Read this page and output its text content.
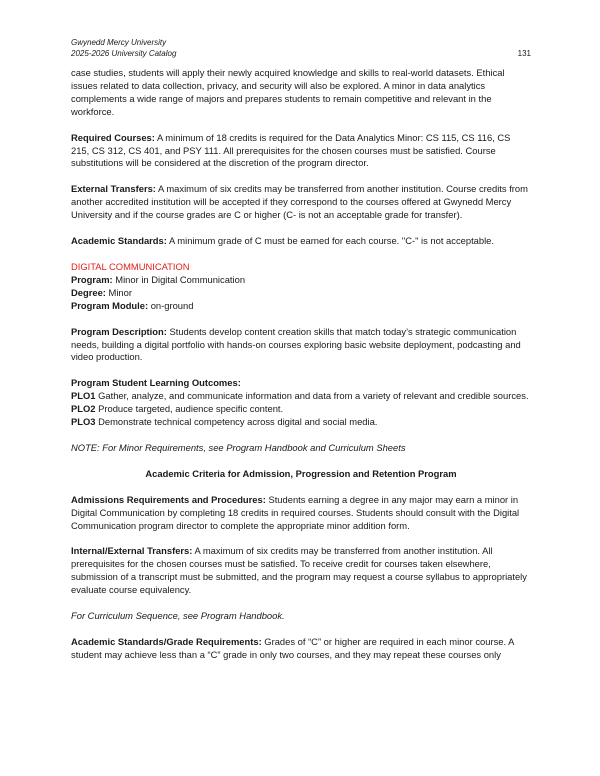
Gwynedd Mercy University
2025-2026 University Catalog	131

case studies, students will apply their newly acquired knowledge and skills to real-world datasets. Ethical issues related to data collection, privacy, and security will also be explored. A minor in data analytics complements a wide range of majors and prepares students to remain competitive and relevant in the workforce.

Required Courses: A minimum of 18 credits is required for the Data Analytics Minor: CS 115, CS 116, CS 215, CS 312, CS 401, and PSY 111. All prerequisites for the chosen courses must be satisfied. Course substitutions will be considered at the discretion of the program director.

External Transfers: A maximum of six credits may be transferred from another institution. Course credits from another accredited institution will be accepted if they correspond to the courses offered at Gwynedd Mercy University and if the course grades are C or higher (C- is not an acceptable grade for transfer).

Academic Standards: A minimum grade of C must be earned for each course. "C-" is not acceptable.

DIGITAL COMMUNICATION

Program: Minor in Digital Communication

Degree: Minor

Program Module: on-ground

Program Description: Students develop content creation skills that match today’s strategic communication needs, building a digital portfolio with hands-on courses exploring basic website deployment, podcasting and video production.

Program Student Learning Outcomes:

PLO1 Gather, analyze, and communicate information and data from a variety of relevant and credible sources.

PLO2 Produce targeted, audience specific content.

PLO3 Demonstrate technical competency across digital and social media.

NOTE: For Minor Requirements, see Program Handbook and Curriculum Sheets

Academic Criteria for Admission, Progression and Retention Program

Admissions Requirements and Procedures: Students earning a degree in any major may earn a minor in Digital Communication by completing 18 credits in required courses. Students should consult with the Digital Communication program director to complete the appropriate minor addition form.

Internal/External Transfers: A maximum of six credits may be transferred from another institution. All prerequisites for the chosen courses must be satisfied. To receive credit for courses taken elsewhere, submission of a transcript must be submitted, and the program may request a course syllabus to appropriately evaluate course equivalency.

For Curriculum Sequence, see Program Handbook.

Academic Standards/Grade Requirements: Grades of “C” or higher are required in each minor course. A student may achieve less than a “C” grade in only two courses, and they may repeat these courses only
